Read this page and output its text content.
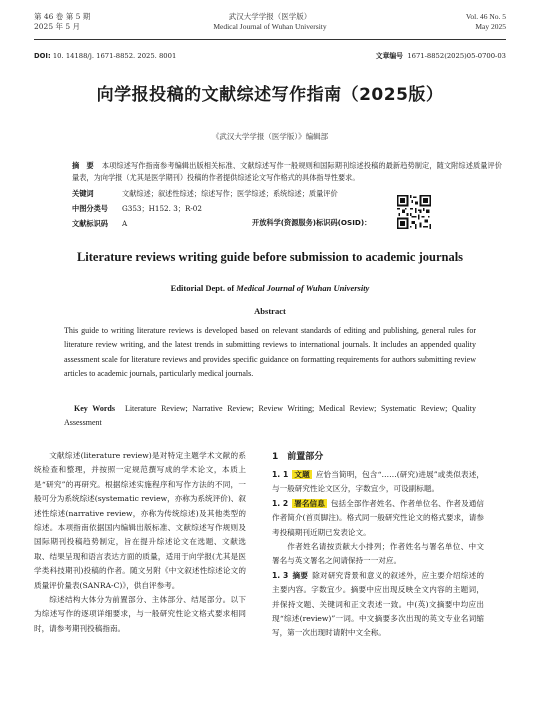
第 46 卷 第 5 期
2025 年 5 月
武汉大学学报（医学版）
Medical Journal of Wuhan University
Vol. 46 No. 5
May 2025
DOI: 10. 14188/j. 1671-8852. 2025. 8001	文章编号 1671-8852(2025)05-0700-03
向学报投稿的文献综述写作指南（2025版）
《武汉大学学报（医学版）》编辑部
摘　要 本项综述写作指南参考编辑出版相关标准、文献综述写作一般规则和国际期刊综述投稿的最新趋势制定，随文附综述质量评价量表，为向学报（尤其是医学期刊）投稿的作者提供综述论文写作格式的具体指导性要求。
关键词	文献综述；叙述性综述；综述写作；医学综述；系统综述；质量评价
中图分类号 G353；H152. 3；R-02
文献标识码 A	开放科学(资源服务)标识码(OSID)：
Literature reviews writing guide before submission to academic journals
Editorial Dept. of Medical Journal of Wuhan University
Abstract
This guide to writing literature reviews is developed based on relevant standards of editing and publishing, general rules for literature review writing, and the latest trends in submitting reviews to international journals. It includes an appended quality assessment scale for literature reviews and provides specific guidance on formatting requirements for authors submitting review articles to academic journals, particularly medical journals.
Key Words Literature Review; Narrative Review; Review Writing; Medical Review; Systematic Review; Quality Assessment

文献综述(literature review)是对特定主题学术文献的系统检查和整理，并按照一定规范撰写成的学术论文，本质上是“研究”的再研究。根据综述实施程序和写作方法的不同，一般可分为系统综述(systematic review，亦称为系统评价)、叙述性综述(narrative review，亦称为传统综述)及其他类型的综述。本项指南依据国内编辑出版标准、文献综述写作规则及国际期刊投稿趋势制定，旨在提升综述论文在选题、文献选取、结果呈现和语言表达方面的质量，适用于向学报(尤其是医学类科技期刊)投稿的作者。随文另附《中文叙述性综述论文的质量评价量表(SANRA-C)》，供自评参考。

综述结构大体分为前置部分、主体部分、结尾部分。以下为综述写作的逐项详细要求，与一般研究性论文格式要求相同时，请参考期刊投稿指南。

1　前置部分

1. 1 文题 应恰当简明，包含“……(研究)进展”或类似表述，与一般研究性论文区分，字数宜少，可设副标题。

1. 2 署名信息 包括全部作者姓名、作者单位名、作者及通信作者简介(首页脚注)。格式同一般研究性论文的格式要求，请参考投稿期刊近期已发表论文。

作者姓名请按贡献大小排列；作者姓名与署名单位、中文署名与英文署名之间请保持一一对应。

1. 3 摘要 除对研究背景和意义的叙述外，应主要介绍综述的主要内容。字数宜少。摘要中应出现反映全文内容的主题词，并保持文题、关键词和正文表述一致。中(英)文摘要中均应出现“综述(review)”一词。中文摘要多次出现的英文专业名词缩写，第一次出现时请附中文全称。
